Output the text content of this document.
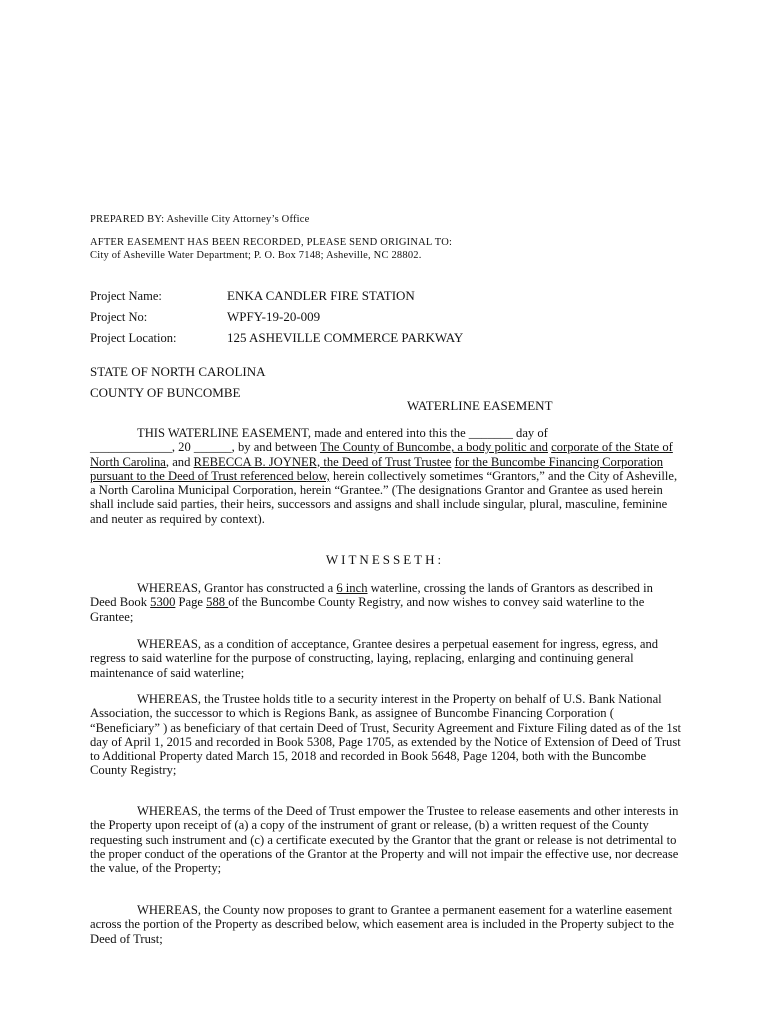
PREPARED BY: Asheville City Attorney’s Office
AFTER EASEMENT HAS BEEN RECORDED, PLEASE SEND ORIGINAL TO:
City of Asheville Water Department; P. O. Box 7148; Asheville, NC 28802.
Project Name:	ENKA CANDLER FIRE STATION
Project No:	WPFY-19-20-009
Project Location:	125 ASHEVILLE COMMERCE PARKWAY
STATE OF NORTH CAROLINA
COUNTY OF BUNCOMBE
WATERLINE EASEMENT

THIS WATERLINE EASEMENT, made and entered into this the _______ day of

_____________, 20 ______, by and between The County of Buncombe, a body politic and corporate of the State of North Carolina, and REBECCA B. JOYNER, the Deed of Trust Trustee for the Buncombe Financing Corporation pursuant to the Deed of Trust referenced below, herein collectively sometimes “Grantors,” and the City of Asheville, a North Carolina Municipal Corporation, herein “Grantee.” (The designations Grantor and Grantee as used herein shall include said parties, their heirs, successors and assigns and shall include singular, plural, masculine, feminine and neuter as required by context).
WITNESSETH:

WHEREAS, Grantor has constructed a 6 inch waterline, crossing the lands of Grantors as described in Deed Book 5300 Page 588 of the Buncombe County Registry, and now wishes to convey said waterline to the Grantee;

WHEREAS, as a condition of acceptance, Grantee desires a perpetual easement for ingress, egress, and regress to said waterline for the purpose of constructing, laying, replacing, enlarging and continuing general maintenance of said waterline;

WHEREAS, the Trustee holds title to a security interest in the Property on behalf of U.S. Bank National Association, the successor to which is Regions Bank, as assignee of Buncombe Financing Corporation ( “Beneficiary” ) as beneficiary of that certain Deed of Trust, Security Agreement and Fixture Filing dated as of the 1st day of April 1, 2015 and recorded in Book 5308, Page 1705, as extended by the Notice of Extension of Deed of Trust to Additional Property dated March 15, 2018 and recorded in Book 5648, Page 1204, both with the Buncombe County Registry;

WHEREAS, the terms of the Deed of Trust empower the Trustee to release easements and other interests in the Property upon receipt of (a) a copy of the instrument of grant or release, (b) a written request of the County requesting such instrument and (c) a certificate executed by the Grantor that the grant or release is not detrimental to the proper conduct of the operations of the Grantor at the Property and will not impair the effective use, nor decrease the value, of the Property;

WHEREAS, the County now proposes to grant to Grantee a permanent easement for a waterline easement across the portion of the Property as described below, which easement area is included in the Property subject to the Deed of Trust;
